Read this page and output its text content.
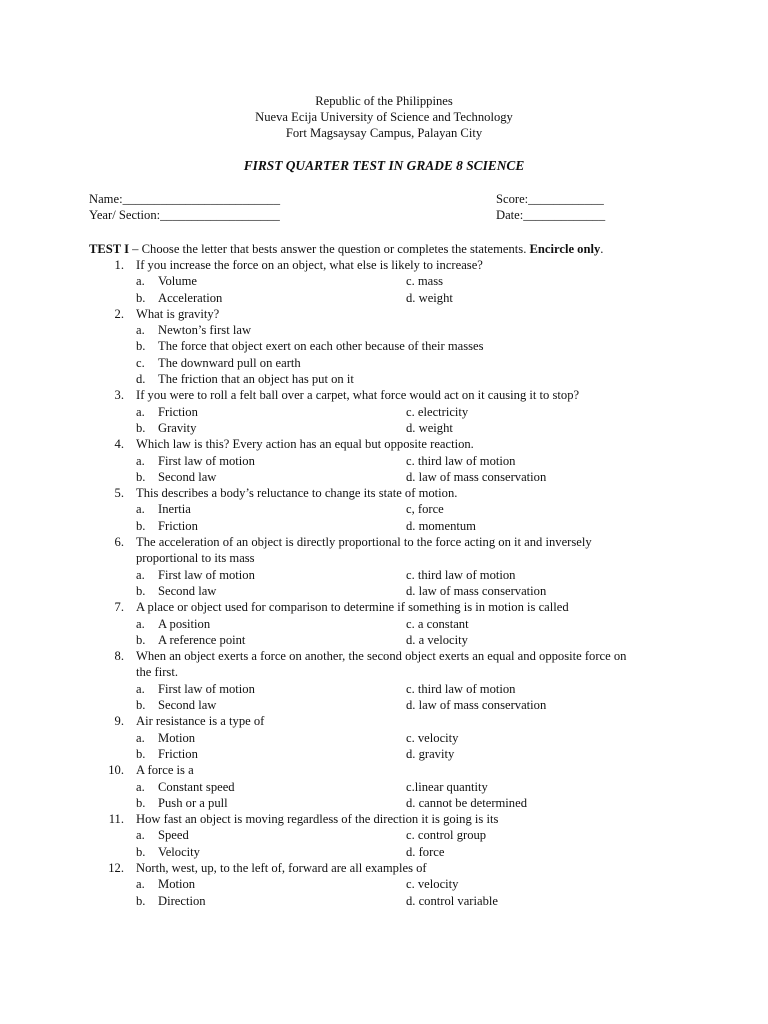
Republic of the Philippines
Nueva Ecija University of Science and Technology
Fort Magsaysay Campus, Palayan City
FIRST QUARTER TEST IN GRADE 8 SCIENCE
Name:_________________________	Score:____________
Year/ Section:___________________	Date:_____________
TEST I – Choose the letter that bests answer the question or completes the statements. Encircle only.
1. If you increase the force on an object, what else is likely to increase?
a. Volume	c. mass
b. Acceleration	d. weight
2. What is gravity?
a. Newton’s first law
b. The force that object exert on each other because of their masses
c. The downward pull on earth
d. The friction that an object has put on it
3. If you were to roll a felt ball over a carpet, what force would act on it causing it to stop?
a. Friction	c. electricity
b. Gravity	d. weight
4. Which law is this? Every action has an equal but opposite reaction.
a. First law of motion	c. third law of motion
b. Second law	d. law of mass conservation
5. This describes a body’s reluctance to change its state of motion.
a. Inertia	c, force
b. Friction	d. momentum
6. The acceleration of an object is directly proportional to the force acting on it and inversely
proportional to its mass
a. First law of motion	c. third law of motion
b. Second law	d. law of mass conservation
7. A place or object used for comparison to determine if something is in motion is called
a. A position	c. a constant
b. A reference point	d. a velocity
8. When an object exerts a force on another, the second object exerts an equal and opposite force on
the first.
a. First law of motion	c. third law of motion
b. Second law	d. law of mass conservation
9. Air resistance is a type of
a. Motion	c. velocity
b. Friction	d. gravity
10. A force is a
a. Constant speed	c.linear quantity
b. Push or a pull	d. cannot be determined
11. How fast an object is moving regardless of the direction it is going is its
a. Speed	c. control group
b. Velocity	d. force
12. North, west, up, to the left of, forward are all examples of
a. Motion	c. velocity
b. Direction	d. control variable
